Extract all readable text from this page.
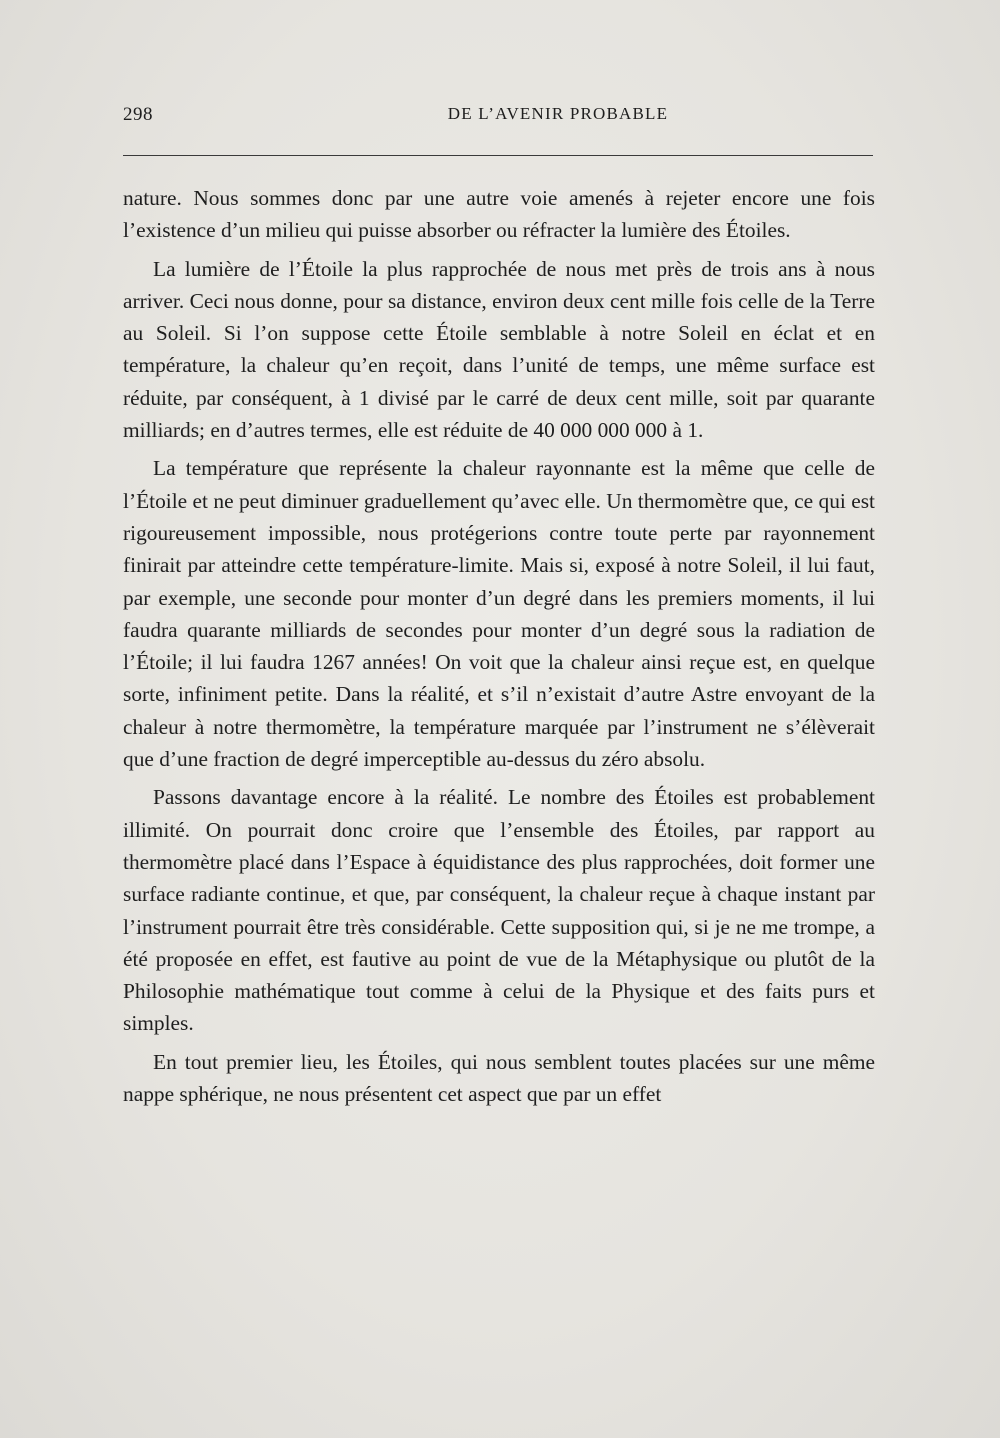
298	DE L’AVENIR PROBABLE

nature. Nous sommes donc par une autre voie amenés à rejeter encore une fois l’existence d’un milieu qui puisse absorber ou réfracter la lumière des Étoiles.

La lumière de l’Étoile la plus rapprochée de nous met près de trois ans à nous arriver. Ceci nous donne, pour sa distance, environ deux cent mille fois celle de la Terre au Soleil. Si l’on suppose cette Étoile semblable à notre Soleil en éclat et en température, la chaleur qu’en reçoit, dans l’unité de temps, une même surface est réduite, par conséquent, à 1 divisé par le carré de deux cent mille, soit par quarante milliards; en d’autres termes, elle est réduite de 40 000 000 000 à 1.

La température que représente la chaleur rayonnante est la même que celle de l’Étoile et ne peut diminuer graduellement qu’avec elle. Un thermomètre que, ce qui est rigoureusement impossible, nous protégerions contre toute perte par rayonnement finirait par atteindre cette température-limite. Mais si, exposé à notre Soleil, il lui faut, par exemple, une seconde pour monter d’un degré dans les premiers moments, il lui faudra quarante milliards de secondes pour monter d’un degré sous la radiation de l’Étoile; il lui faudra 1267 années! On voit que la chaleur ainsi reçue est, en quelque sorte, infiniment petite. Dans la réalité, et s’il n’existait d’autre Astre envoyant de la chaleur à notre thermomètre, la température marquée par l’instrument ne s’élèverait que d’une fraction de degré imperceptible au-dessus du zéro absolu.

Passons davantage encore à la réalité. Le nombre des Étoiles est probablement illimité. On pourrait donc croire que l’ensemble des Étoiles, par rapport au thermomètre placé dans l’Espace à équidistance des plus rapprochées, doit former une surface radiante continue, et que, par conséquent, la chaleur reçue à chaque instant par l’instrument pourrait être très considérable. Cette supposition qui, si je ne me trompe, a été proposée en effet, est fautive au point de vue de la Métaphysique ou plutôt de la Philosophie mathématique tout comme à celui de la Physique et des faits purs et simples.

En tout premier lieu, les Étoiles, qui nous semblent toutes placées sur une même nappe sphérique, ne nous présentent cet aspect que par un effet
